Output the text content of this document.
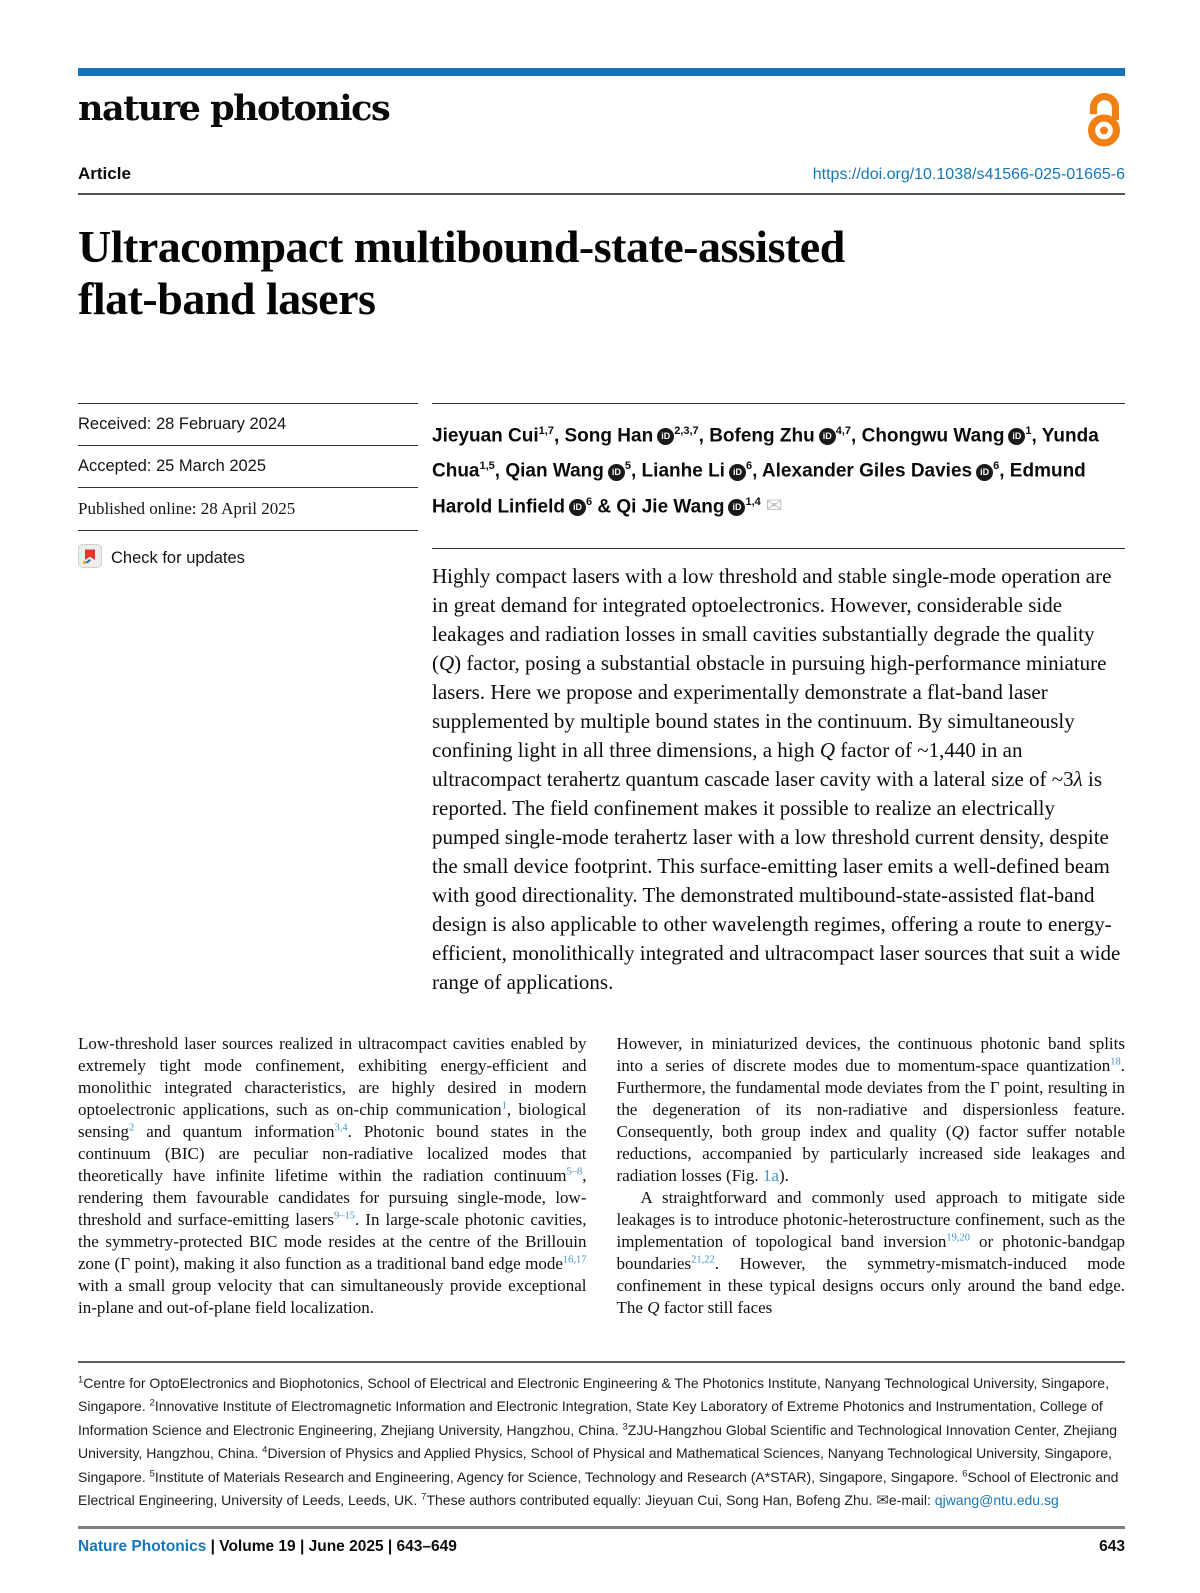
nature photonics
Article	https://doi.org/10.1038/s41566-025-01665-6
Ultracompact multibound-state-assisted
flat-band lasers
Received: 28 February 2024
Accepted: 25 March 2025
Published online: 28 April 2025
Check for updates
Jieyuan Cui$^{1,7}$, Song Han iD $^{2,3,7}$, Bofeng Zhu iD $^{4,7}$, Chongwu Wang iD $^1$, Yunda Chua$^{1,5}$, Qian Wang iD $^5$, Lianhe Li iD $^6$, Alexander Giles Davies iD $^6$, Edmund Harold Linfield iD $^6$ & Qi Jie Wang iD $^{1,4}$ ✉
Highly compact lasers with a low threshold and stable single-mode operation are in great demand for integrated optoelectronics. However, considerable side leakages and radiation losses in small cavities substantially degrade the quality (Q) factor, posing a substantial obstacle in pursuing high-performance miniature lasers. Here we propose and experimentally demonstrate a flat-band laser supplemented by multiple bound states in the continuum. By simultaneously confining light in all three dimensions, a high Q factor of ~1,440 in an ultracompact terahertz quantum cascade laser cavity with a lateral size of ~3λ is reported. The field confinement makes it possible to realize an electrically pumped single-mode terahertz laser with a low threshold current density, despite the small device footprint. This surface-emitting laser emits a well-defined beam with good directionality. The demonstrated multibound-state-assisted flat-band design is also applicable to other wavelength regimes, offering a route to energy-efficient, monolithically integrated and ultracompact laser sources that suit a wide range of applications.

Low-threshold laser sources realized in ultracompact cavities enabled by extremely tight mode confinement, exhibiting energy-efficient and monolithic integrated characteristics, are highly desired in modern optoelectronic applications, such as on-chip communication$^1$, biological sensing$^2$ and quantum information$^{3,4}$. Photonic bound states in the continuum (BIC) are peculiar non-radiative localized modes that theoretically have infinite lifetime within the radiation continuum$^{5-8}$, rendering them favourable candidates for pursuing single-mode, low-threshold and surface-emitting lasers$^{9-15}$. In large-scale photonic cavities, the symmetry-protected BIC mode resides at the centre of the Brillouin zone (Γ point), making it also function as a traditional band edge mode$^{16,17}$ with a small group velocity that can simultaneously provide exceptional in-plane and out-of-plane field localization.

However, in miniaturized devices, the continuous photonic band splits into a series of discrete modes due to momentum-space quantization$^{18}$. Furthermore, the fundamental mode deviates from the Γ point, resulting in the degeneration of its non-radiative and dispersionless feature. Consequently, both group index and quality (Q) factor suffer notable reductions, accompanied by particularly increased side leakages and radiation losses (Fig. 1a).

A straightforward and commonly used approach to mitigate side leakages is to introduce photonic-heterostructure confinement, such as the implementation of topological band inversion$^{19,20}$ or photonic-bandgap boundaries$^{21,22}$. However, the symmetry-mismatch-induced mode confinement in these typical designs occurs only around the band edge. The Q factor still faces

$^1$Centre for OptoElectronics and Biophotonics, School of Electrical and Electronic Engineering & The Photonics Institute, Nanyang Technological University, Singapore, Singapore. $^2$Innovative Institute of Electromagnetic Information and Electronic Integration, State Key Laboratory of Extreme Photonics and Instrumentation, College of Information Science and Electronic Engineering, Zhejiang University, Hangzhou, China. $^3$ZJU-Hangzhou Global Scientific and Technological Innovation Center, Zhejiang University, Hangzhou, China. $^4$Diversion of Physics and Applied Physics, School of Physical and Mathematical Sciences, Nanyang Technological University, Singapore, Singapore. $^5$Institute of Materials Research and Engineering, Agency for Science, Technology and Research (A*STAR), Singapore, Singapore. $^6$School of Electronic and Electrical Engineering, University of Leeds, Leeds, UK. $^7$These authors contributed equally: Jieyuan Cui, Song Han, Bofeng Zhu. ✉e-mail: qjwang@ntu.edu.sg
Nature Photonics | Volume 19 | June 2025 | 643–649	643
